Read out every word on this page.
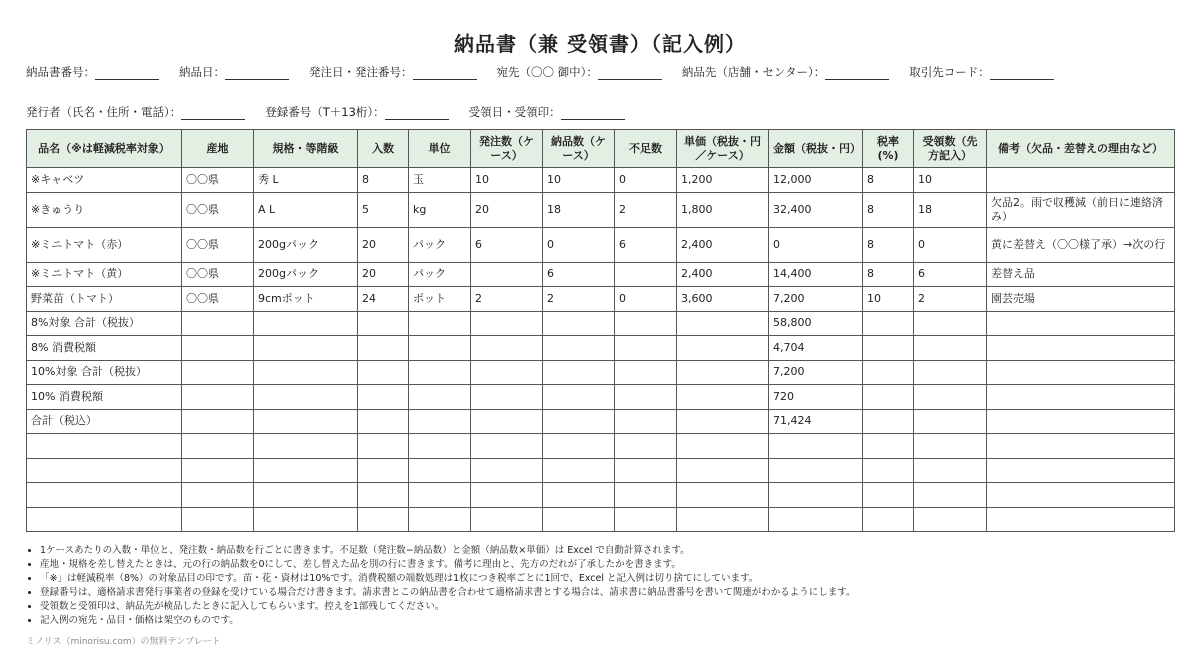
納品書（兼 受領書）（記入例）
納品書番号：	納品日：	発注日・発注番号：	宛先（〇〇 御中）：	納品先（店舗・センター）：	取引先コード：
発行者（氏名・住所・電話）：	登録番号（T＋13桁）：	受領日・受領印：
品名（※は軽減税率対象）	産地	規格・等階級	入数	単位	発注数（ケース）	納品数（ケース）	不足数	単価（税抜・円／ケース）	金額（税抜・円）	税率(%)	受領数（先方記入）	備考（欠品・差替えの理由など）
※キャベツ	〇〇県	秀 L	8	玉	10	10	0	1,200	12,000	8	10	
※きゅうり	〇〇県	A L	5	kg	20	18	2	1,800	32,400	8	18	欠品2。雨で収穫減（前日に連絡済み）
※ミニトマト（赤）	〇〇県	200gパック	20	パック	6	0	6	2,400	0	8	0	黄に差替え（〇〇様了承）→次の行
※ミニトマト（黄）	〇〇県	200gパック	20	パック		6		2,400	14,400	8	6	差替え品
野菜苗（トマト）	〇〇県	9cmポット	24	ポット	2	2	0	3,600	7,200	10	2	園芸売場
8%対象 合計（税抜）									58,800			
8% 消費税額									4,704			
10%対象 合計（税抜）									7,200			
10% 消費税額									720			
合計（税込）									71,424			

• 1ケースあたりの入数・単位と、発注数・納品数を行ごとに書きます。不足数（発注数−納品数）と金額（納品数×単価）は Excel で自動計算されます。
• 産地・規格を差し替えたときは、元の行の納品数を0にして、差し替えた品を別の行に書きます。備考に理由と、先方のだれが了承したかを書きます。
• 「※」は軽減税率（8%）の対象品目の印です。苗・花・資材は10%です。消費税額の端数処理は1枚につき税率ごとに1回で、Excel と記入例は切り捨てにしています。
• 登録番号は、適格請求書発行事業者の登録を受けている場合だけ書きます。請求書とこの納品書を合わせて適格請求書とする場合は、請求書に納品書番号を書いて関連がわかるようにします。
• 受領数と受領印は、納品先が検品したときに記入してもらいます。控えを1部残してください。
• 記入例の宛先・品目・価格は架空のものです。
ミノリス（minorisu.com）の無料テンプレート
